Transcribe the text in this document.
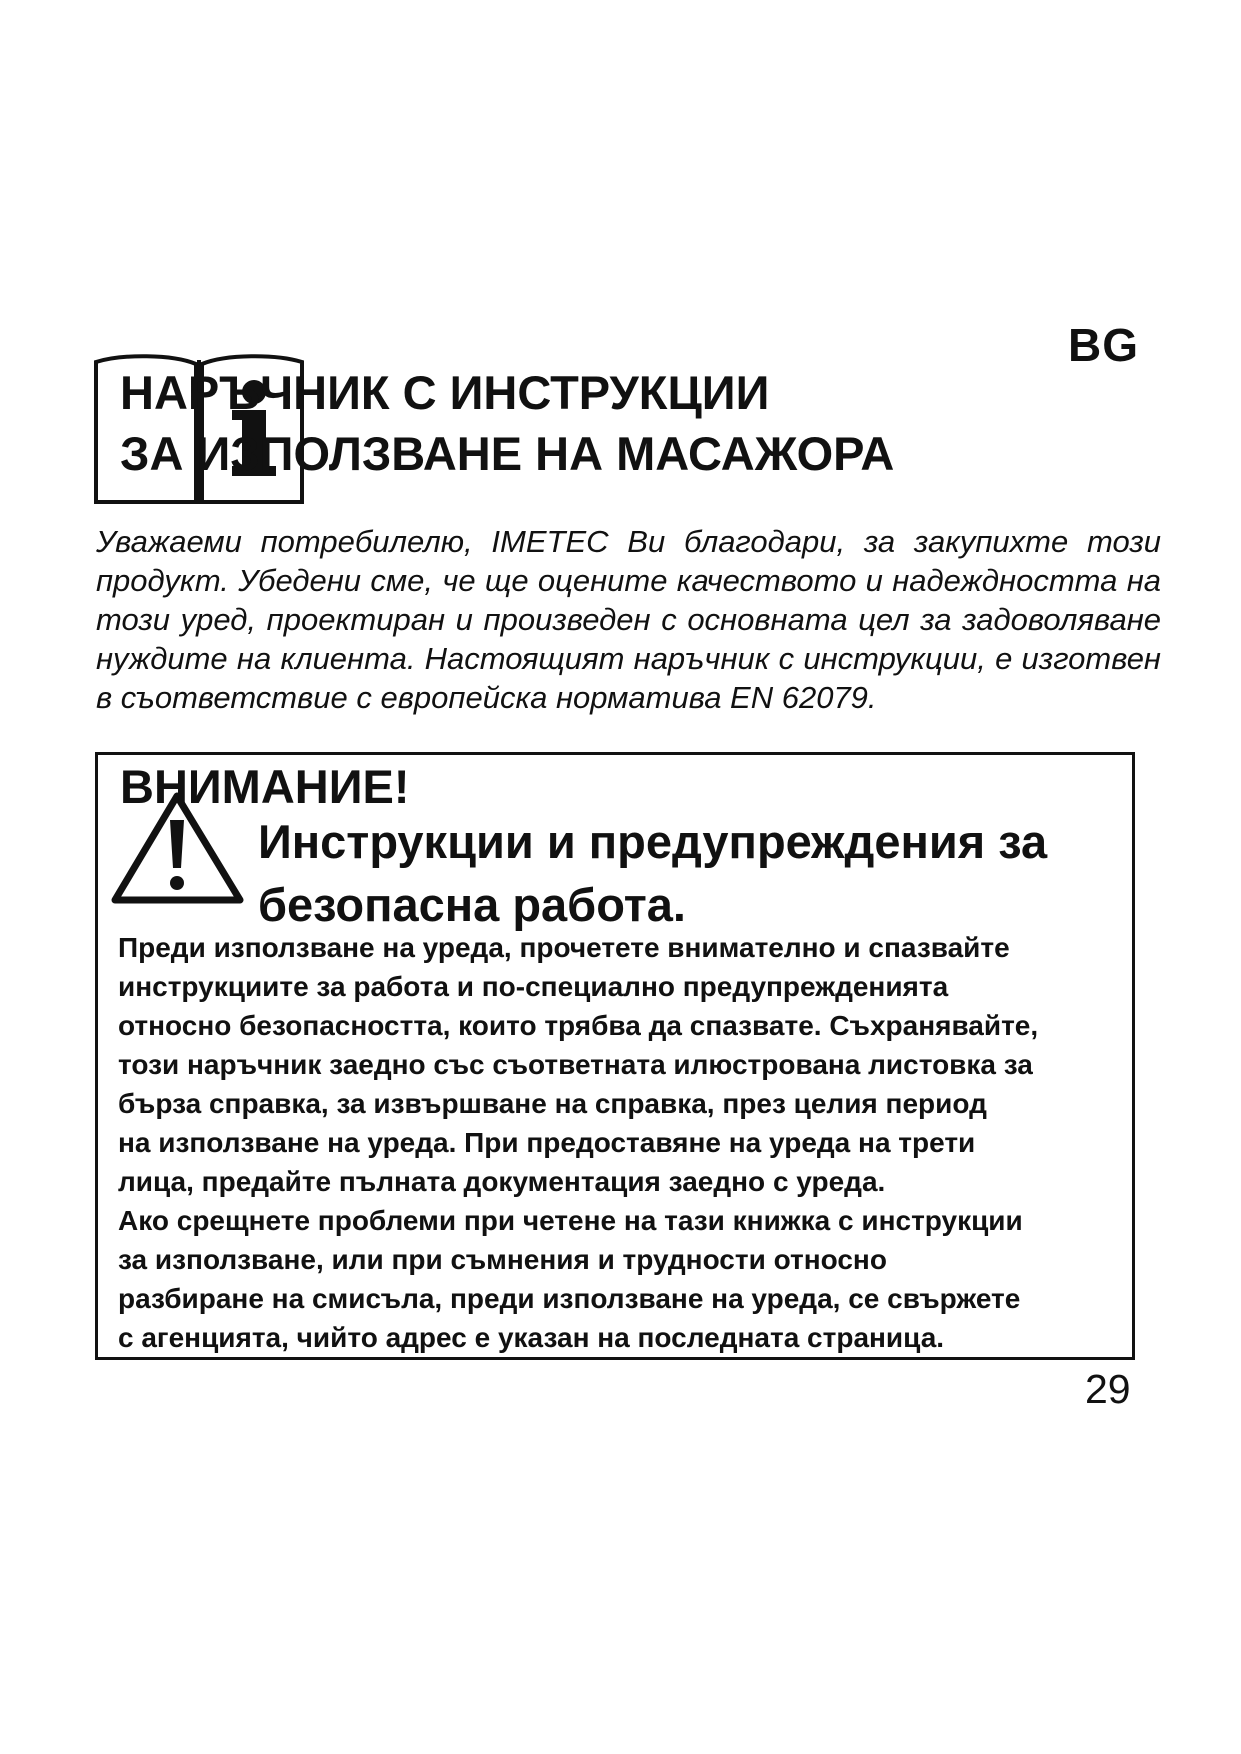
BG
НАРЪЧНИК С ИНСТРУКЦИИ
ЗА ИЗПОЛЗВАНЕ НА МАСАЖОРА

Уважаеми потребилелю, IMETEC Ви благодари, за закупихте този продукт. Убедени сме, че ще оцените качеството и надеждността на този уред, проектиран и произведен с основната цел за задоволяване нуждите на клиента. Настоящият наръчник с инструкции, е изготвен в съответствие с европейска норматива EN 62079.

ВНИМАНИЕ!
Инструкции и предупреждения за
безопасна работа.
Преди използване на уреда, прочетете внимателно и спазвайте
инструкциите за работа и по-специално предупрежденията
относно безопасността, които трябва да спазвате. Съхранявайте,
този наръчник заедно със съответната илюстрована листовка за
бърза справка, за извършване на справка, през целия период
на използване на уреда. При предоставяне на уреда на трети
лица, предайте пълната документация заедно с уреда.
Ако срещнете проблеми при четене на тази книжка с инструкции
за използване, или при съмнения и трудности относно
разбиране на смисъла, преди използване на уреда, се свържете
с агенцията, чийто адрес е указан на последната страница.
29
